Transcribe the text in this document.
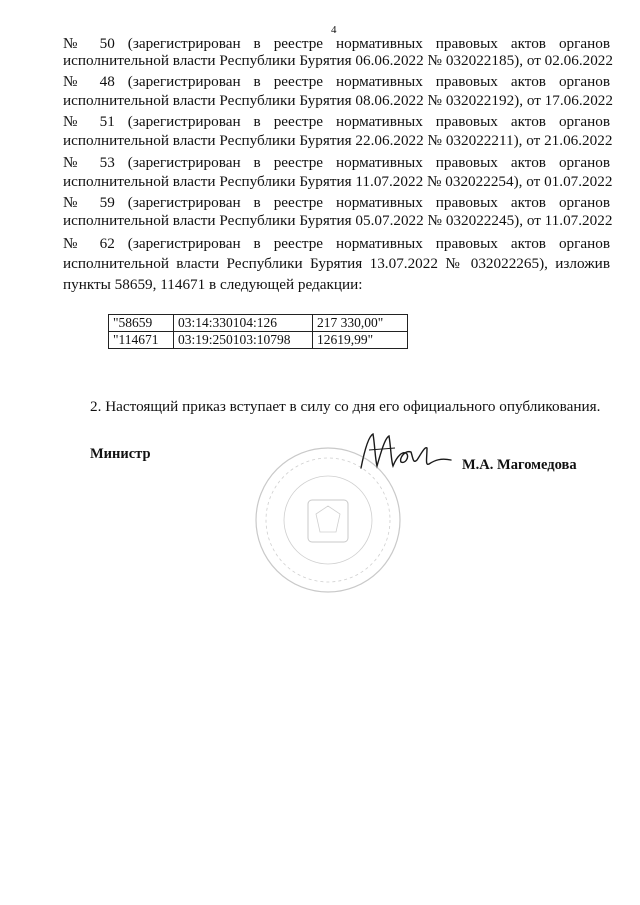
4
№ 50 (зарегистрирован в реестре нормативных правовых актов органов
исполнительной власти Республики Бурятия 06.06.2022 № 032022185), от 02.06.2022
№ 48 (зарегистрирован в реестре нормативных правовых актов органов
исполнительной власти Республики Бурятия 08.06.2022 № 032022192), от 17.06.2022
№ 51 (зарегистрирован в реестре нормативных правовых актов органов
исполнительной власти Республики Бурятия 22.06.2022 № 032022211), от 21.06.2022
№ 53 (зарегистрирован в реестре нормативных правовых актов органов
исполнительной власти Республики Бурятия 11.07.2022 № 032022254), от 01.07.2022
№ 59 (зарегистрирован в реестре нормативных правовых актов органов
исполнительной власти Республики Бурятия 05.07.2022 № 032022245), от 11.07.2022
№ 62 (зарегистрирован в реестре нормативных правовых актов органов
исполнительной власти Республики Бурятия 13.07.2022 № 032022265), изложив
пункты 58659, 114671 в следующей редакции:
"58659	03:14:330104:126	217 330,00"
"114671	03:19:250103:10798	12619,99"
2. Настоящий приказ вступает в силу со дня его официального опубликования.
Министр
М.А. Магомедова
